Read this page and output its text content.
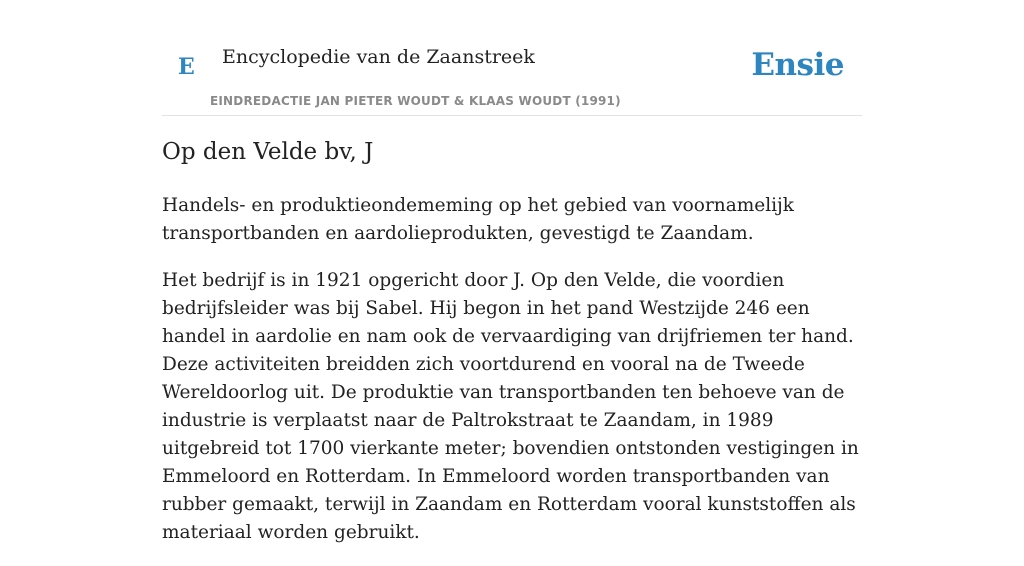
E Encyclopedie van de Zaanstreek
EINDREDACTIE JAN PIETER WOUDT & KLAAS WOUDT (1991)
Ensie
Op den Velde bv, J

Handels- en produktieondememing op het gebied van voornamelijk transportbanden en aardolieprodukten, gevestigd te Zaandam.

Het bedrijf is in 1921 opgericht door J. Op den Velde, die voordien bedrijfsleider was bij Sabel. Hij begon in het pand Westzijde 246 een handel in aardolie en nam ook de vervaardiging van drijfriemen ter hand. Deze activiteiten breidden zich voortdurend en vooral na de Tweede Wereldoorlog uit. De produktie van transportbanden ten behoeve van de industrie is verplaatst naar de Paltrokstraat te Zaandam, in 1989 uitgebreid tot 1700 vierkante meter; bovendien ontstonden vestigingen in Emmeloord en Rotterdam. In Emmeloord worden transportbanden van rubber gemaakt, terwijl in Zaandam en Rotterdam vooral kunststoffen als materiaal worden gebruikt.
